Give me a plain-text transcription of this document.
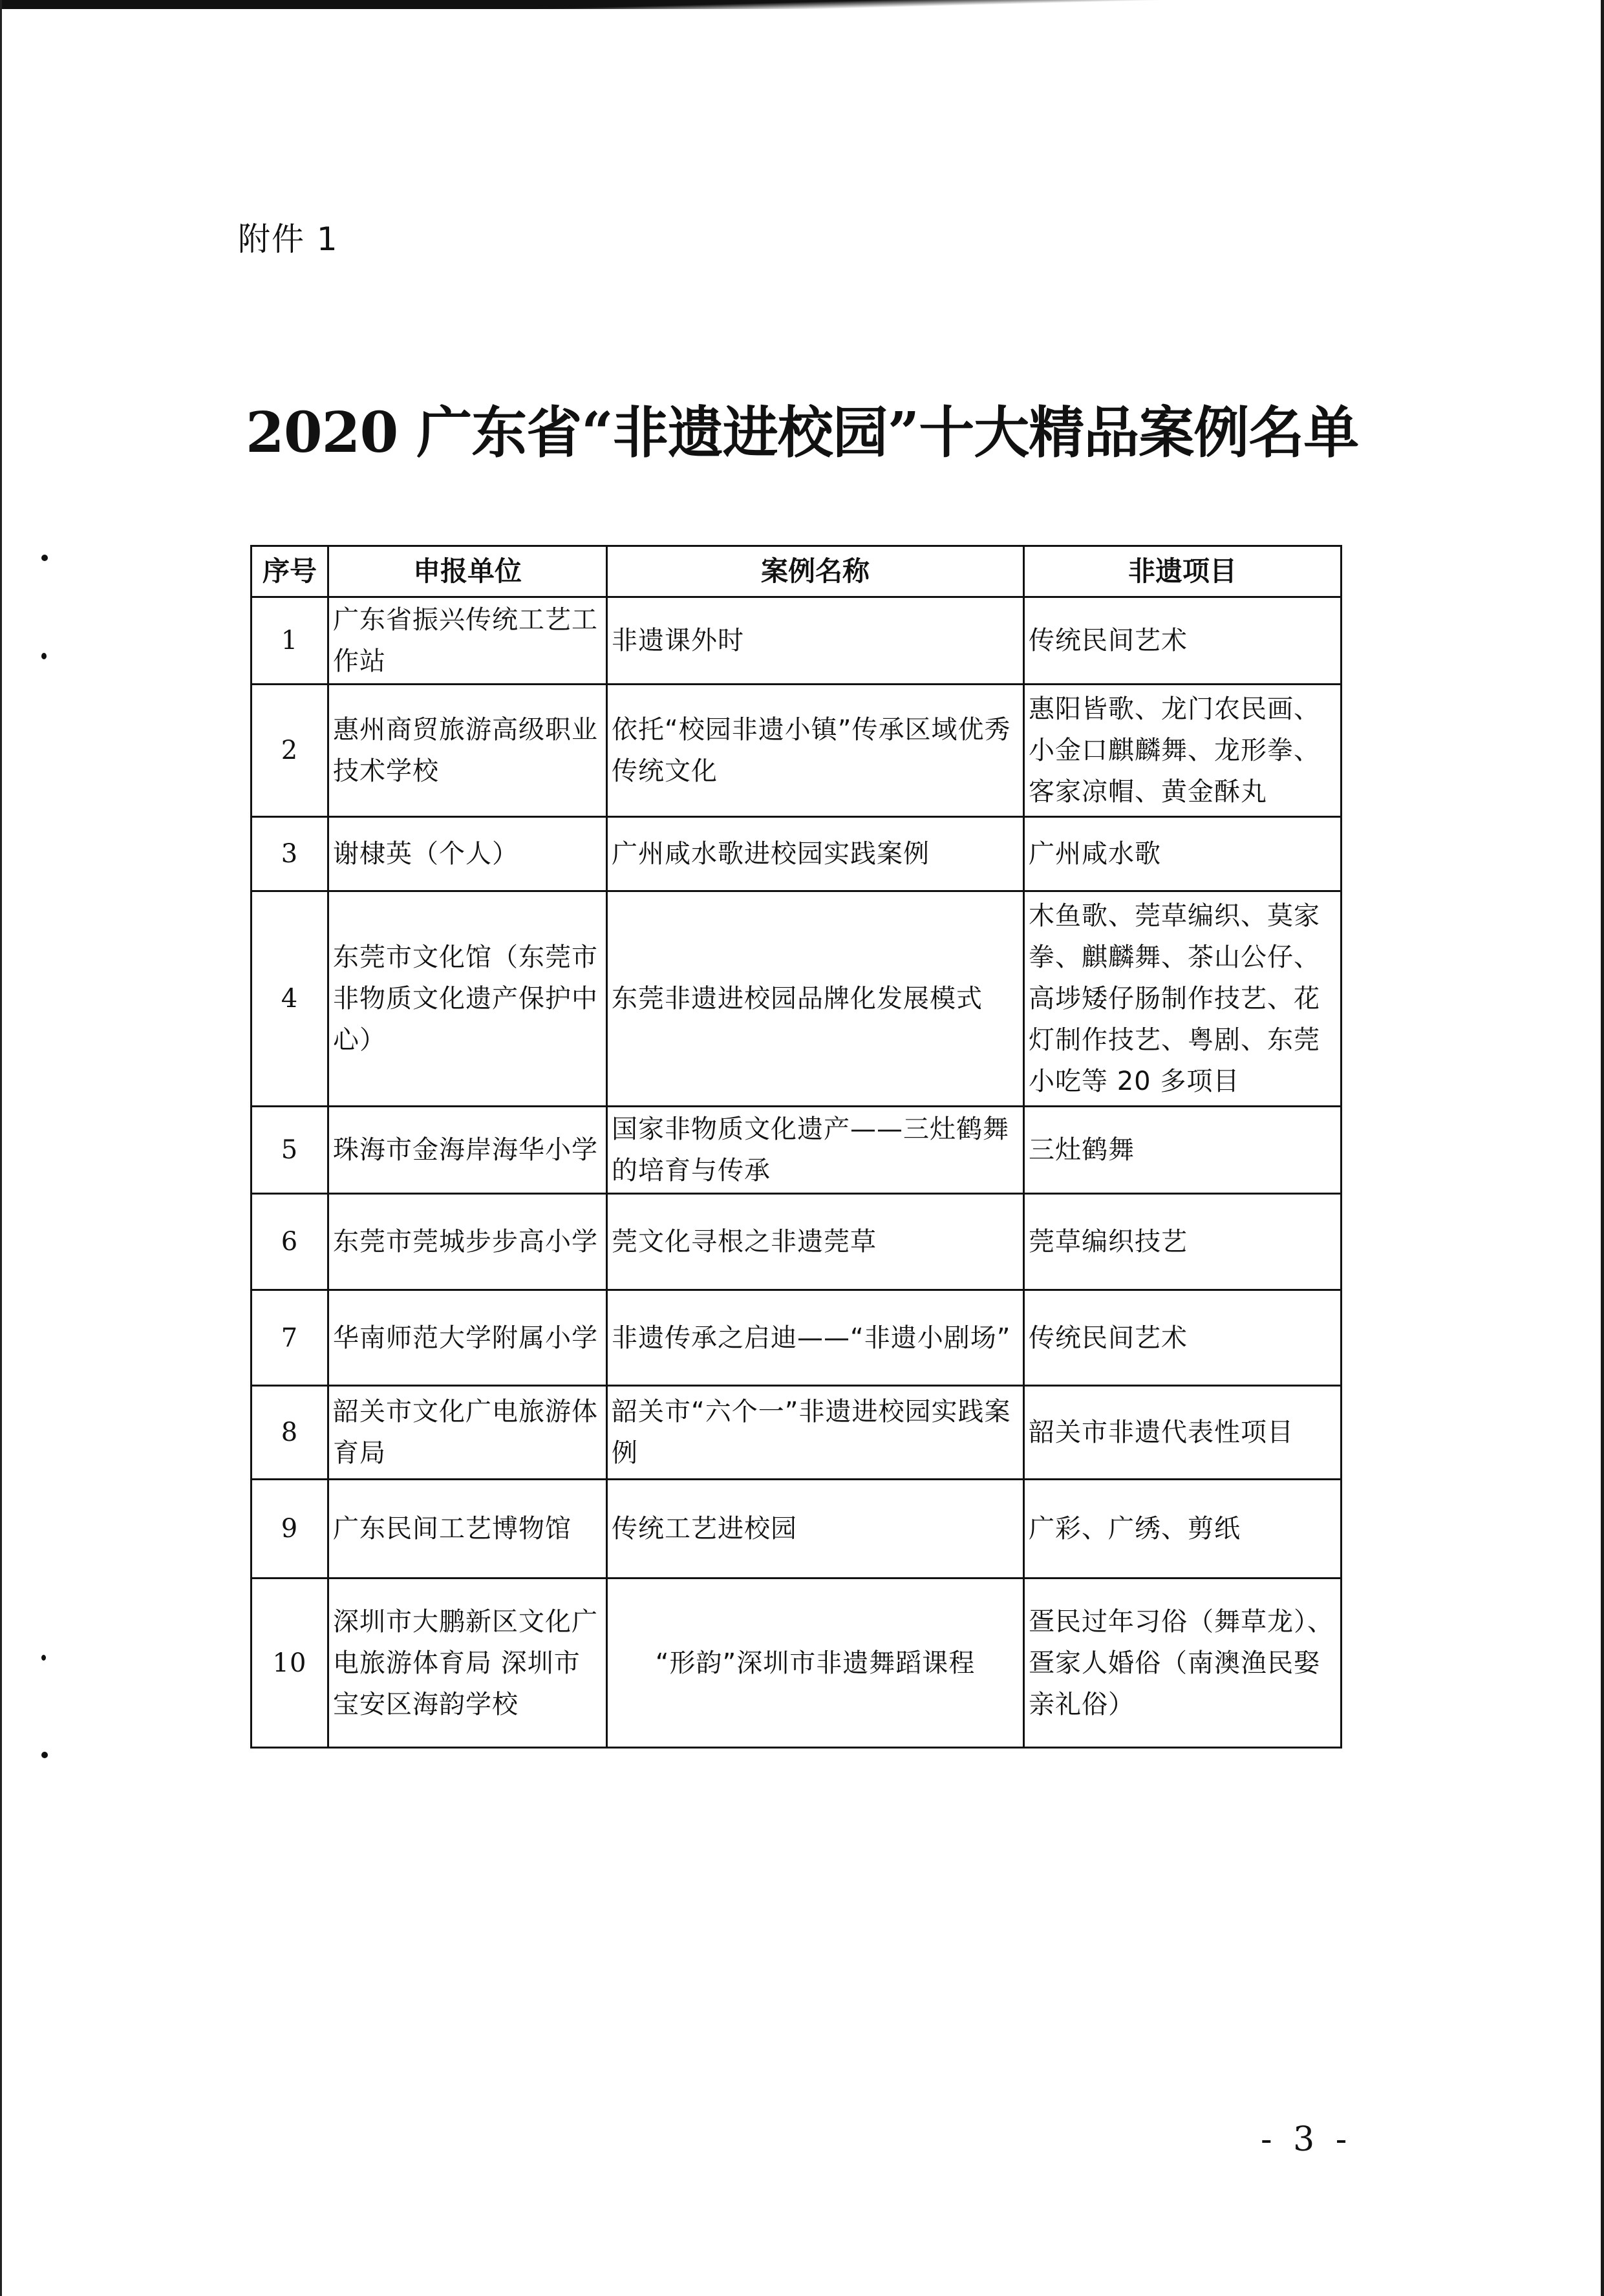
附件 1
2020 广东省“非遗进校园”十大精品案例名单
序号	申报单位	案例名称	非遗项目
1	广东省振兴传统工艺工作站	非遗课外时	传统民间艺术
2	惠州商贸旅游高级职业技术学校	依托“校园非遗小镇”传承区域优秀传统文化	惠阳皆歌、龙门农民画、小金口麒麟舞、龙形拳、客家凉帽、黄金酥丸
3	谢棣英（个人）	广州咸水歌进校园实践案例	广州咸水歌
4	东莞市文化馆（东莞市非物质文化遗产保护中心）	东莞非遗进校园品牌化发展模式	木鱼歌、莞草编织、莫家拳、麒麟舞、茶山公仔、高埗矮仔肠制作技艺、花灯制作技艺、粤剧、东莞小吃等 20 多项目
5	珠海市金海岸海华小学	国家非物质文化遗产——三灶鹤舞的培育与传承	三灶鹤舞
6	东莞市莞城步步高小学	莞文化寻根之非遗莞草	莞草编织技艺
7	华南师范大学附属小学	非遗传承之启迪——“非遗小剧场”	传统民间艺术
8	韶关市文化广电旅游体育局	韶关市“六个一”非遗进校园实践案例	韶关市非遗代表性项目
9	广东民间工艺博物馆	传统工艺进校园	广彩、广绣、剪纸
10	深圳市大鹏新区文化广电旅游体育局 深圳市宝安区海韵学校	“形韵”深圳市非遗舞蹈课程	疍民过年习俗（舞草龙）、疍家人婚俗（南澳渔民娶亲礼俗）
- 3 -
